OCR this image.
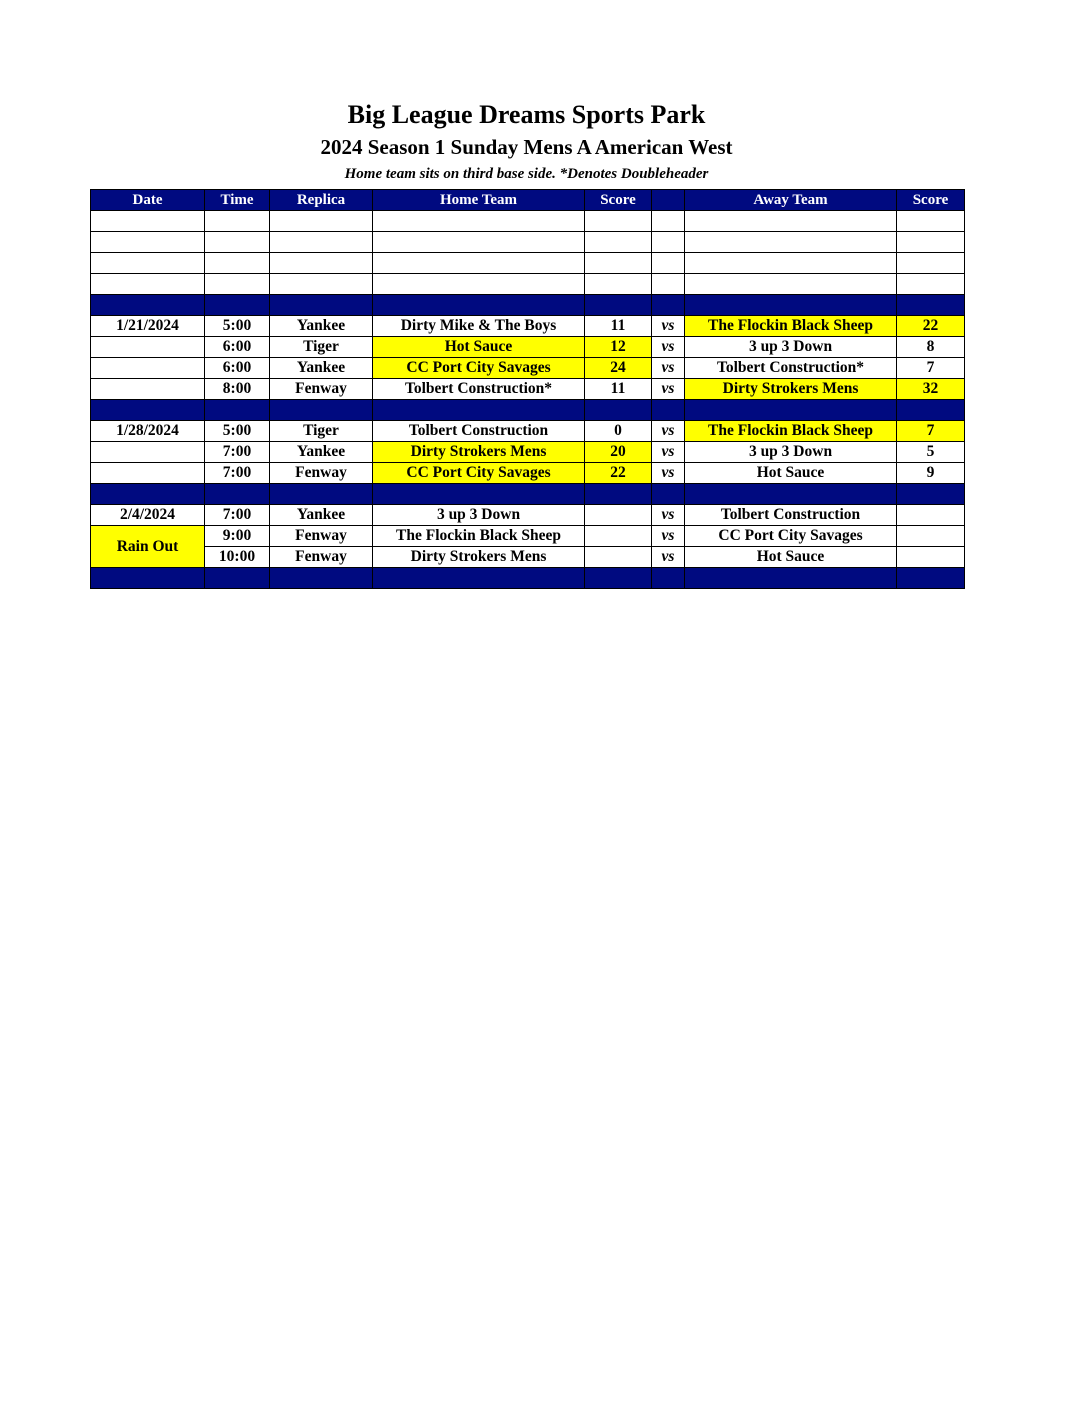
Big League Dreams Sports Park
2024 Season 1 Sunday Mens A American West
Home team sits on third base side. *Denotes Doubleheader
Date	Time	Replica	Home Team	Score		Away Team	Score

1/21/2024	5:00	Yankee	Dirty Mike & The Boys	11	vs	The Flockin Black Sheep	22
	6:00	Tiger	Hot Sauce	12	vs	3 up 3 Down	8
	6:00	Yankee	CC Port City Savages	24	vs	Tolbert Construction*	7
	8:00	Fenway	Tolbert Construction*	11	vs	Dirty Strokers Mens	32

1/28/2024	5:00	Tiger	Tolbert Construction	0	vs	The Flockin Black Sheep	7
	7:00	Yankee	Dirty Strokers Mens	20	vs	3 up 3 Down	5
	7:00	Fenway	CC Port City Savages	22	vs	Hot Sauce	9

2/4/2024	7:00	Yankee	3 up 3 Down		vs	Tolbert Construction	
Rain Out	9:00	Fenway	The Flockin Black Sheep		vs	CC Port City Savages	
	10:00	Fenway	Dirty Strokers Mens		vs	Hot Sauce	
